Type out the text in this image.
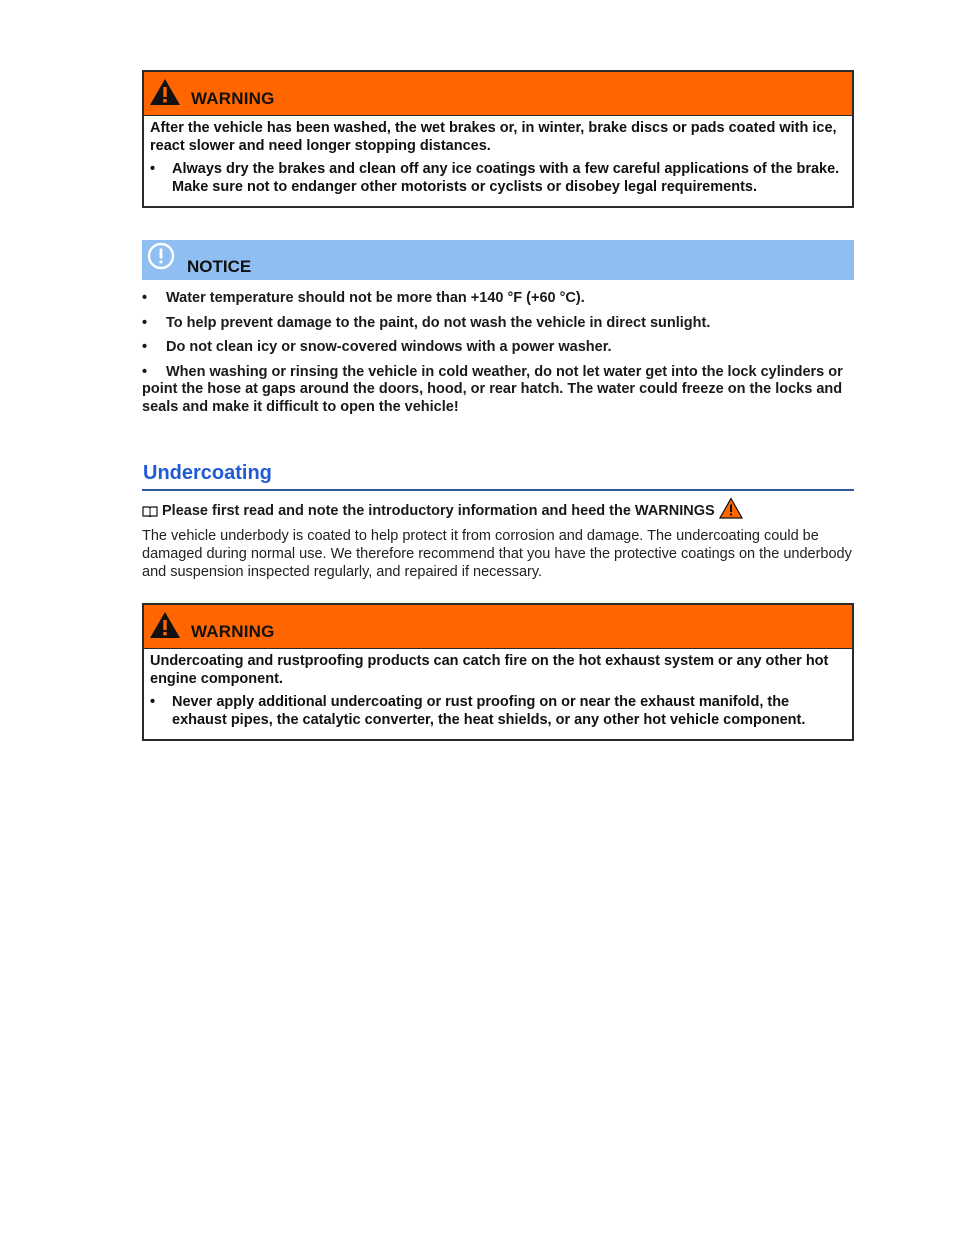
WARNING

After the vehicle has been washed, the wet brakes or, in winter, brake discs or pads coated with ice, react slower and need longer stopping distances.

•	Always dry the brakes and clean off any ice coatings with a few careful applications of the brake. Make sure not to endanger other motorists or cyclists or disobey legal requirements.

NOTICE
• Water temperature should not be more than +140 °F (+60 °C).
• To help prevent damage to the paint, do not wash the vehicle in direct sunlight.
• Do not clean icy or snow-covered windows with a power washer.
• When washing or rinsing the vehicle in cold weather, do not let water get into the lock cylinders or point the hose at gaps around the doors, hood, or rear hatch. The water could freeze on the locks and seals and make it difficult to open the vehicle!
Undercoating
Please first read and note the introductory information and heed the WARNINGS
The vehicle underbody is coated to help protect it from corrosion and damage. The undercoating could be damaged during normal use. We therefore recommend that you have the protective coatings on the underbody and suspension inspected regularly, and repaired if necessary.
WARNING

Undercoating and rustproofing products can catch fire on the hot exhaust system or any other hot engine component.

•	Never apply additional undercoating or rust proofing on or near the exhaust manifold, the exhaust pipes, the catalytic converter, the heat shields, or any other hot vehicle component.
